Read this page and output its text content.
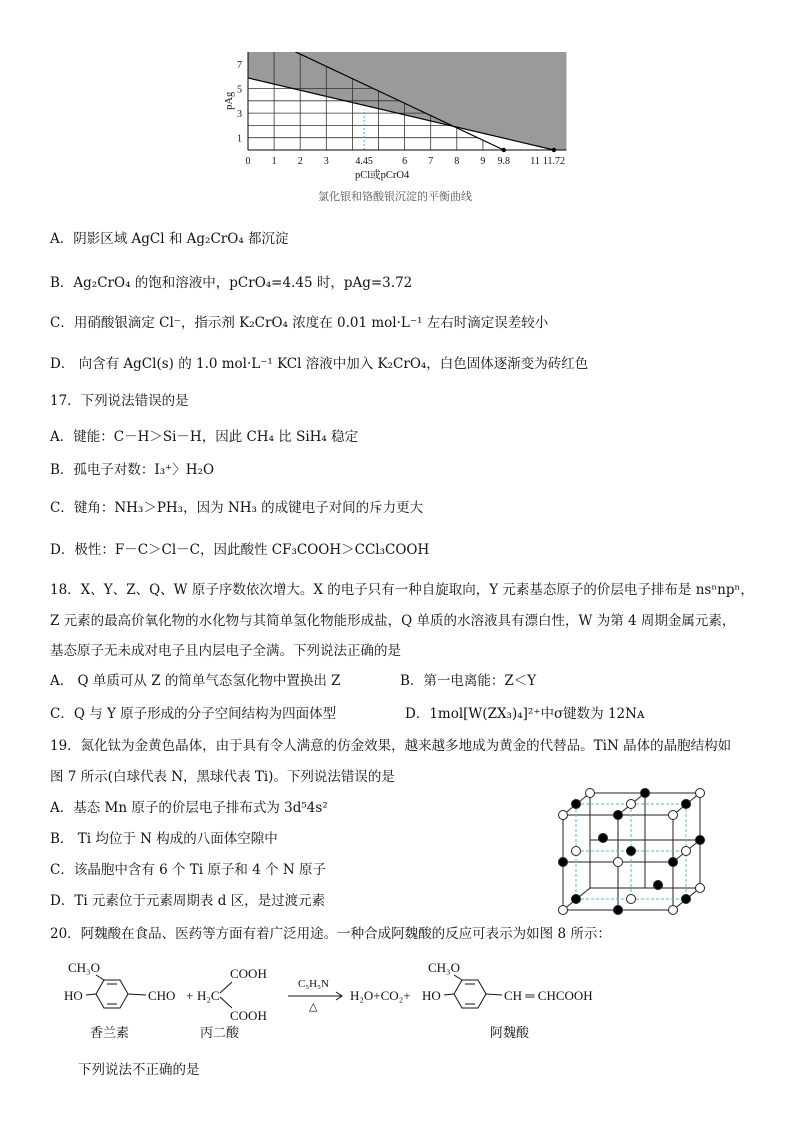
0 1 2 3	4.45	6 7 8 9 9.8 11 11.72
1
3
5
7
pCl或pCrO4
pAg
氯化银和铬酸银沉淀的平衡曲线
A．阴影区域 AgCl 和 Ag₂CrO₄ 都沉淀
B．Ag₂CrO₄ 的饱和溶液中，pCrO₄=4.45 时，pAg=3.72
C．用硝酸银滴定 Cl⁻，指示剂 K₂CrO₄ 浓度在 0.01 mol·L⁻¹ 左右时滴定误差较小
D． 向含有 AgCl(s) 的 1.0 mol·L⁻¹ KCl 溶液中加入 K₂CrO₄，白色固体逐渐变为砖红色
17．下列说法错误的是
A．键能：C－H＞Si－H，因此 CH₄ 比 SiH₄ 稳定
B．孤电子对数：I₃⁺〉H₂O
C．键角：NH₃＞PH₃，因为 NH₃ 的成键电子对间的斥力更大
D．极性：F－C＞Cl－C，因此酸性 CF₃COOH＞CCl₃COOH
18．X、Y、Z、Q、W 原子序数依次增大。X 的电子只有一种自旋取向，Y 元素基态原子的价层电子排布是 nsⁿnpⁿ，
Z 元素的最高价氧化物的水化物与其简单氢化物能形成盐，Q 单质的水溶液具有漂白性，W 为第 4 周期金属元素，
基态原子无未成对电子且内层电子全满。下列说法正确的是
A． Q 单质可从 Z 的简单气态氢化物中置换出 Z	B．第一电离能：Z＜Y
C．Q 与 Y 原子形成的分子空间结构为四面体型	D．1mol[W(ZX₃)₄]²⁺中σ键数为 12Nᴀ
19．氮化钛为金黄色晶体，由于具有令人满意的仿金效果，越来越多地成为黄金的代替品。TiN 晶体的晶胞结构如
图 7 所示(白球代表 N，黑球代表 Ti)。下列说法错误的是
A．基态 Mn 原子的价层电子排布式为 3d⁵4s²
B． Ti 均位于 N 构成的八面体空隙中
C．该晶胞中含有 6 个 Ti 原子和 4 个 N 原子
D．Ti 元素位于元素周期表 d 区，是过渡元素
20．阿魏酸在食品、医药等方面有着广泛用途。一种合成阿魏酸的反应可表示为如图 8 所示：
CH₃O
HO	CHO + H₂C
COOH
COOH
C₅H₅N
△
H₂O+CO₂+
CH₃O
HO	CH ═ CHCOOH
香兰素	丙二酸	阿魏酸
下列说法不正确的是
